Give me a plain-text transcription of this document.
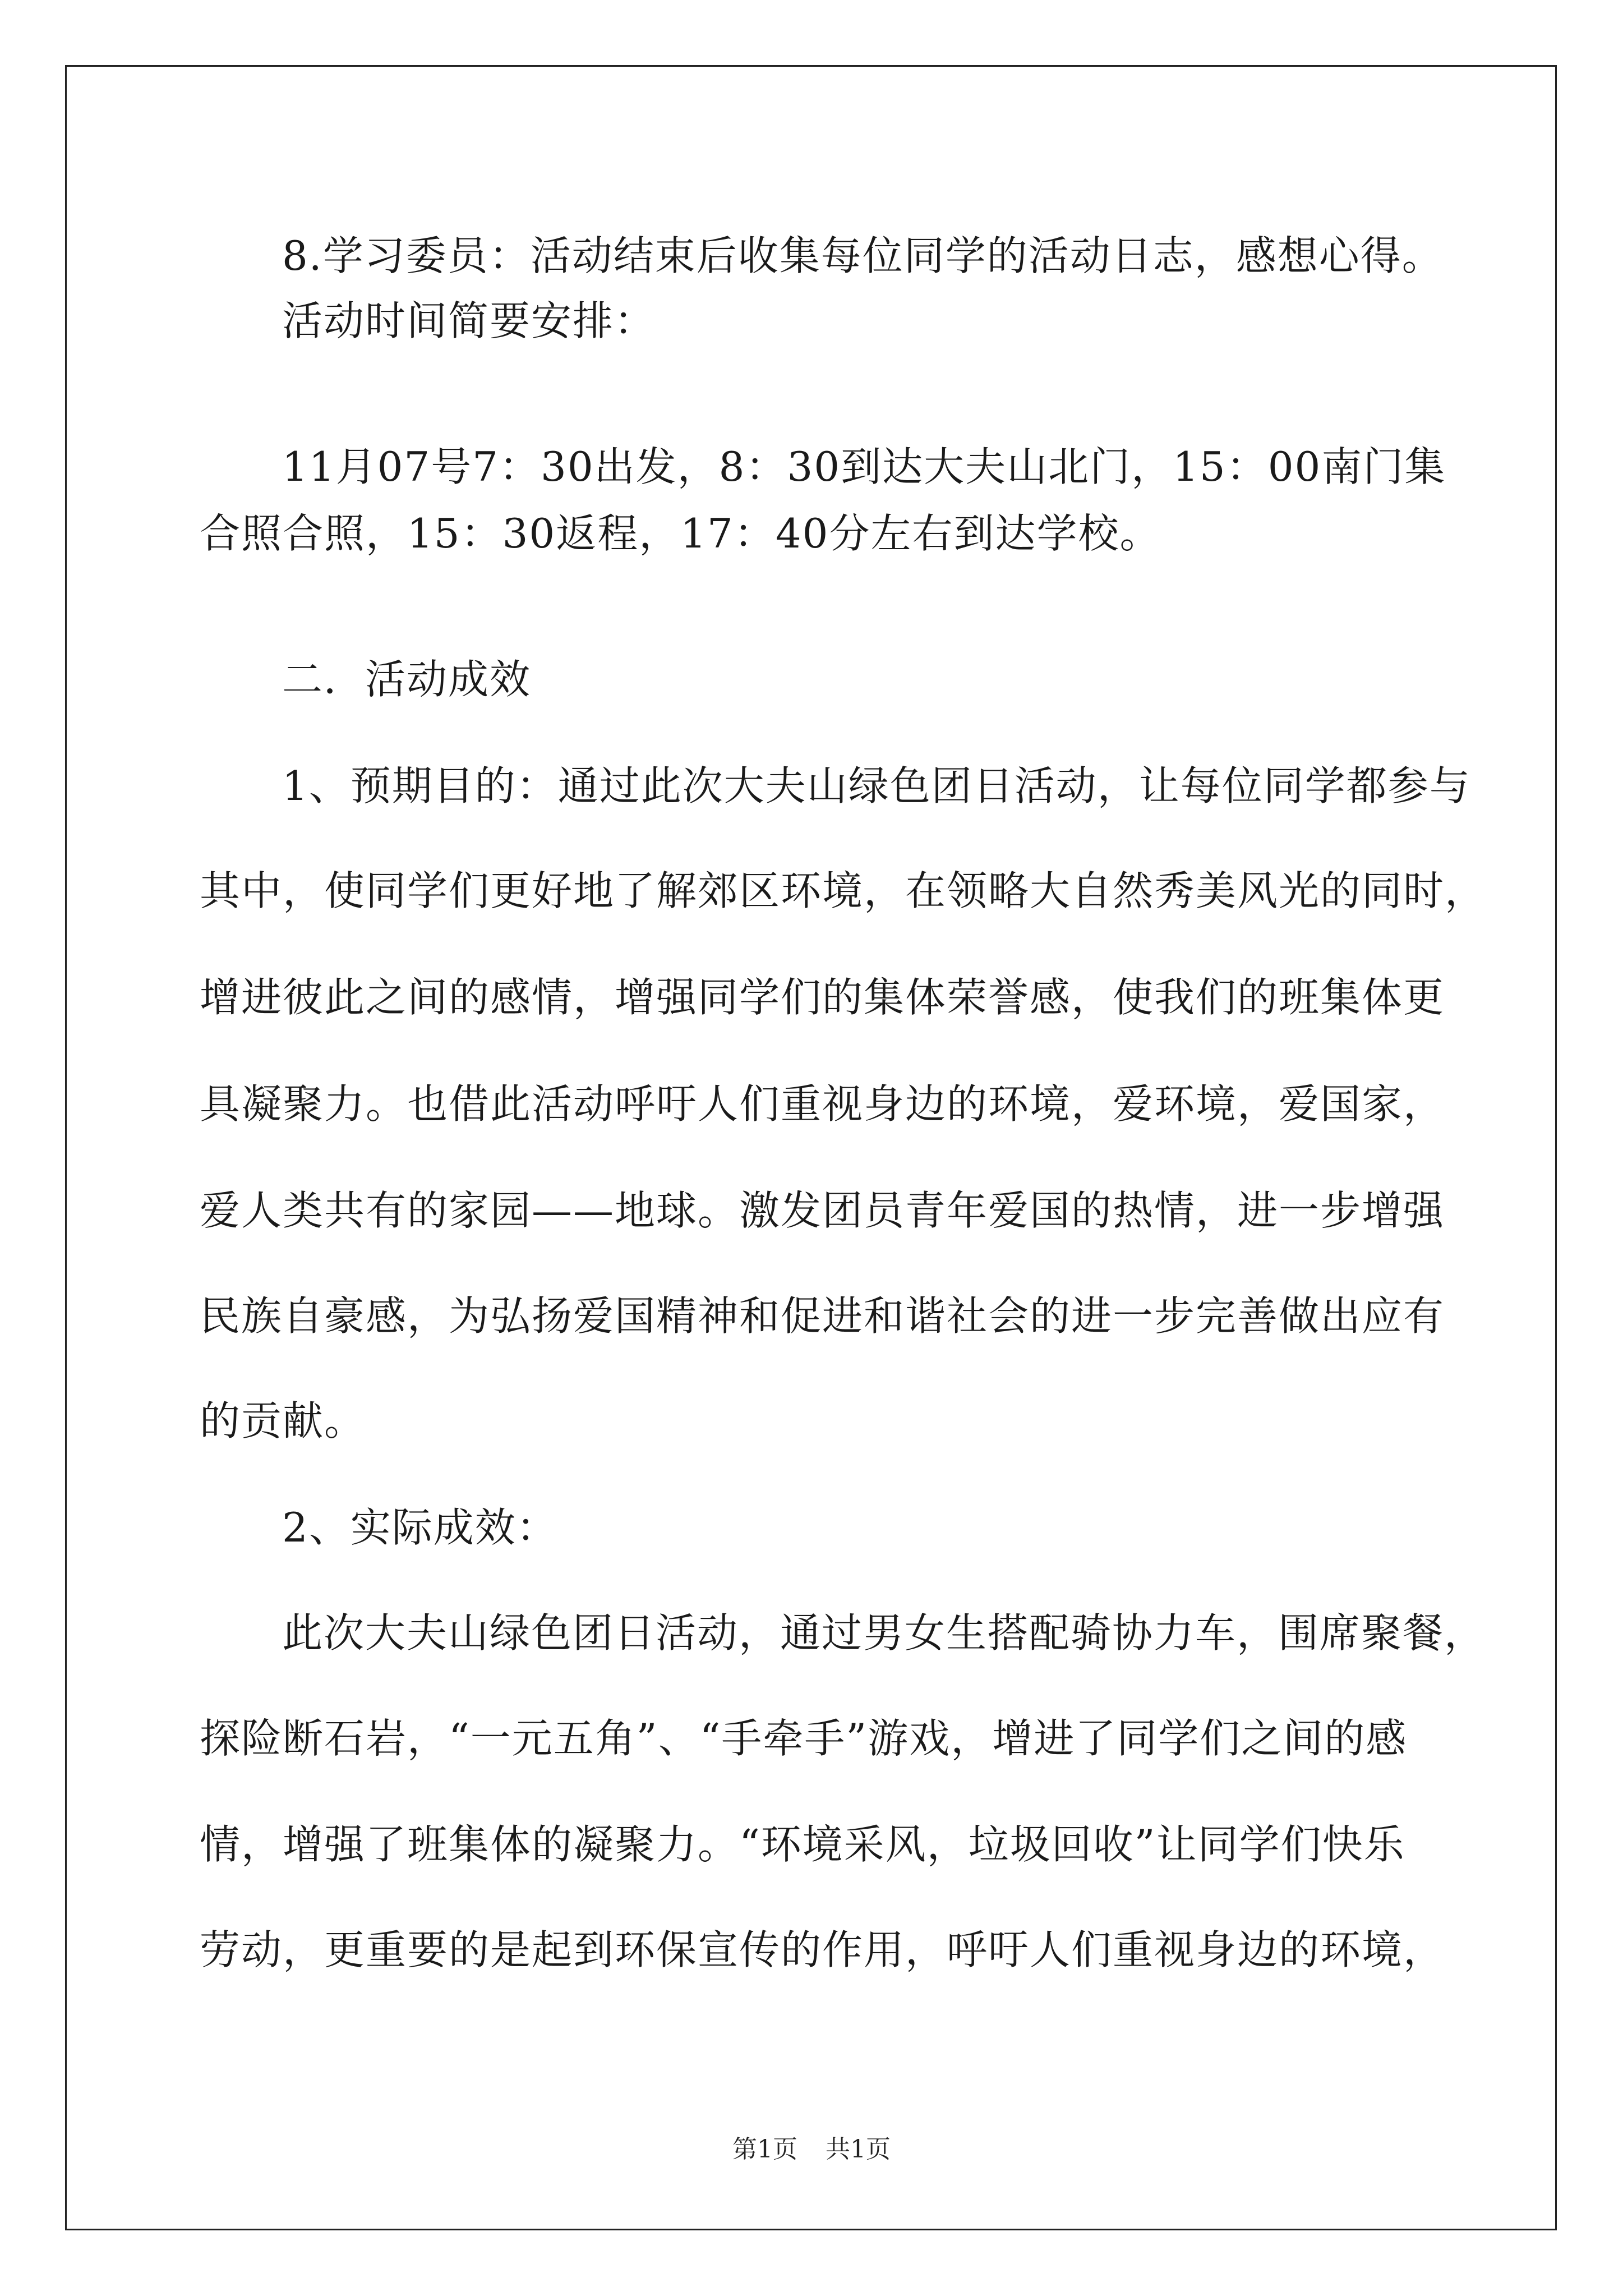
8.学习委员：活动结束后收集每位同学的活动日志，感想心得。
活动时间简要安排：
11月07号7：30出发，8：30到达大夫山北门，15：00南门集
合照合照，15：30返程，17：40分左右到达学校。
二．活动成效
1、预期目的：通过此次大夫山绿色团日活动，让每位同学都参与
其中，使同学们更好地了解郊区环境，在领略大自然秀美风光的同时，
增进彼此之间的感情，增强同学们的集体荣誉感，使我们的班集体更
具凝聚力。也借此活动呼吁人们重视身边的环境，爱环境，爱国家，
爱人类共有的家园——地球。激发团员青年爱国的热情，进一步增强
民族自豪感，为弘扬爱国精神和促进和谐社会的进一步完善做出应有
的贡献。
2、实际成效：
此次大夫山绿色团日活动，通过男女生搭配骑协力车，围席聚餐，
探险断石岩，“一元五角”、“手牵手”游戏，增进了同学们之间的感
情，增强了班集体的凝聚力。“环境采风，垃圾回收”让同学们快乐
劳动，更重要的是起到环保宣传的作用，呼吁人们重视身边的环境，
第1页 共1页
